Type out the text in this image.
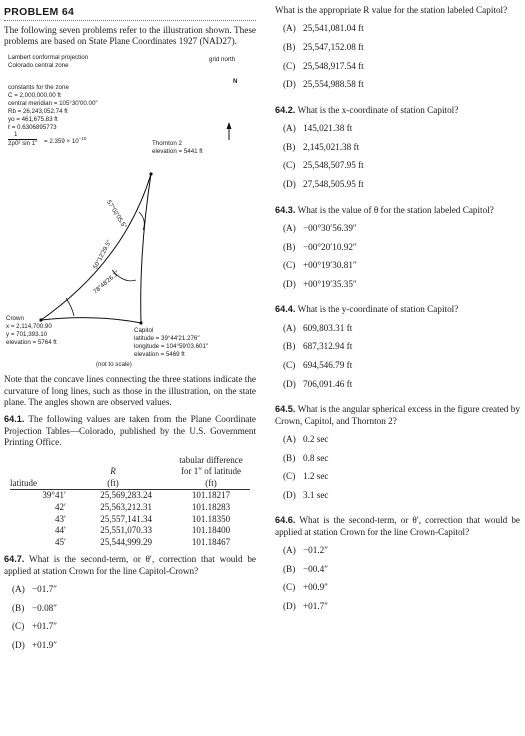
PROBLEM 64

The following seven problems refer to the illustration shown. These problems are based on State Plane Coordinates 1927 (NAD27).

Lambert conformal projection
Colorado central zone
grid north
N
constants for the zone
C = 2,000,000.00 ft
central meridian = 105°30′00.00″
Rb = 26,243,052.74 ft
yo = 461,675.83 ft
ℓ = 0.6306895773
1
2ρ0² $\sin 1'' = 2.359 \times 10^{-10}$
Thornton 2
elevation = 5441 ft
57°02′05.5″
50°12′29.5″
78°48′26.1″
Crown
x = 2,114,700.90
y = 701,393.10
elevation = 5764 ft
Capitol
latitude = 39°44′21.276″
longitude = 104°59′03.601″
elevation = 5469 ft
(not to scale)

Note that the concave lines connecting the three stations indicate the curvature of long lines, such as those in the illustration, on the state plane. The angles shown are observed values.

64.1. The following values are taken from the Plane Coordinate Projection Tables—Colorado, published by the U.S. Government Printing Office.

		tabular difference
	R	for 1″ of latitude
latitude	(ft)	(ft)
39°41′	25,569,283.24	101.18217
42′	25,563,212.31	101.18283
43′	25,557,141.34	101.18350
44′	25,551,070.33	101.18400
45′	25,544,999.29	101.18467

64.7. What is the second-term, or θ′, correction that would be applied at station Crown for the line Capitol-Crown?

(A) −01.7″
(B) −0.08″
(C) +01.7″
(D) +01.9″

What is the appropriate R value for the station labeled Capitol?

(A) 25,541,081.04 ft
(B) 25,547,152.08 ft
(C) 25,548,917.54 ft
(D) 25,554,988.58 ft

64.2. What is the x-coordinate of station Capitol?

(A) 145,021.38 ft
(B) 2,145,021.38 ft
(C) 25,548,507.95 ft
(D) 27,548,505.95 ft

64.3. What is the value of θ for the station labeled Capitol?

(A) −00°30′56.39″
(B) −00°20′10.92″
(C) +00°19′30.81″
(D) +00°19′35.35″

64.4. What is the y-coordinate of station Capitol?

(A) 609,803.31 ft
(B) 687,312.94 ft
(C) 694,546.79 ft
(D) 706,091.46 ft

64.5. What is the angular spherical excess in the figure created by Crown, Capitol, and Thornton 2?

(A) 0.2 sec
(B) 0.8 sec
(C) 1.2 sec
(D) 3.1 sec

64.6. What is the second-term, or θ′, correction that would be applied at station Crown for the line Crown-Capitol?

(A) −01.2″
(B) −00.4″
(C) +00.9″
(D) +01.7″
